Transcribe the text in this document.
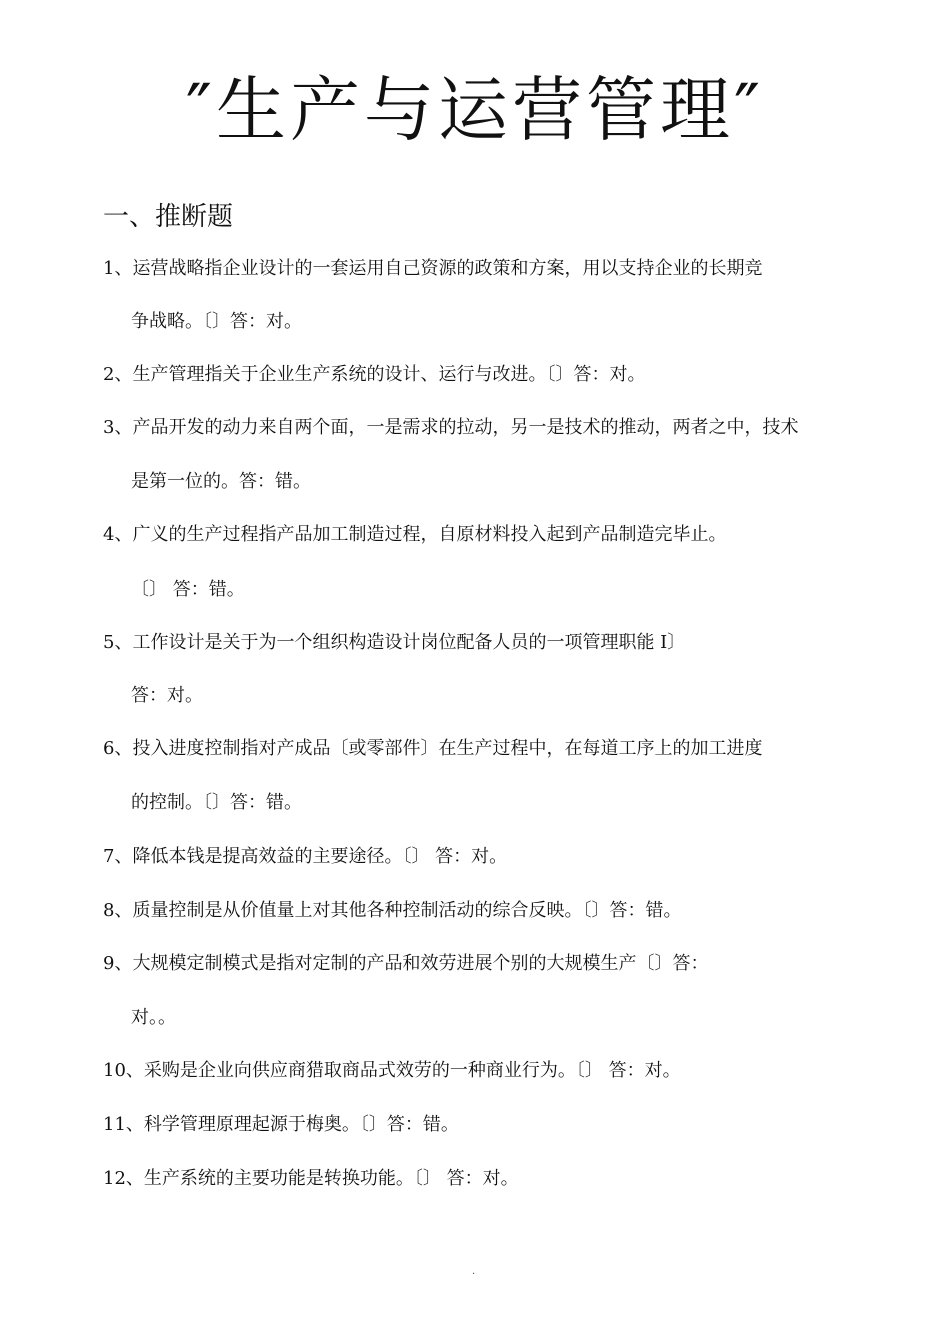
″生产与运营管理″
一、推断题
1、运营战略指企业设计的一套运用自己资源的政策和方案，用以支持企业的长期竞
争战略。〔〕答：对。
2、生产管理指关于企业生产系统的设计、运行与改进。〔〕答：对。
3、产品开发的动力来自两个面，一是需求的拉动，另一是技术的推动，两者之中，技术
是第一位的。答：错。
4、广义的生产过程指产品加工制造过程，自原材料投入起到产品制造完毕止。
〔〕 答：错。
5、工作设计是关于为一个组织构造设计岗位配备人员的一项管理职能 I〕
答：对。
6、投入进度控制指对产成品〔或零部件〕在生产过程中，在每道工序上的加工进度
的控制。〔〕答：错。
7、降低本钱是提高效益的主要途径。〔〕 答：对。
8、质量控制是从价值量上对其他各种控制活动的综合反映。〔〕答：错。
9、大规模定制模式是指对定制的产品和效劳进展个别的大规模生产〔〕答：
对。。
10、采购是企业向供应商猎取商品式效劳的一种商业行为。〔〕 答：对。
11、科学管理原理起源于梅奥。〔〕答：错。
12、生产系统的主要功能是转换功能。〔〕 答：对。
.
